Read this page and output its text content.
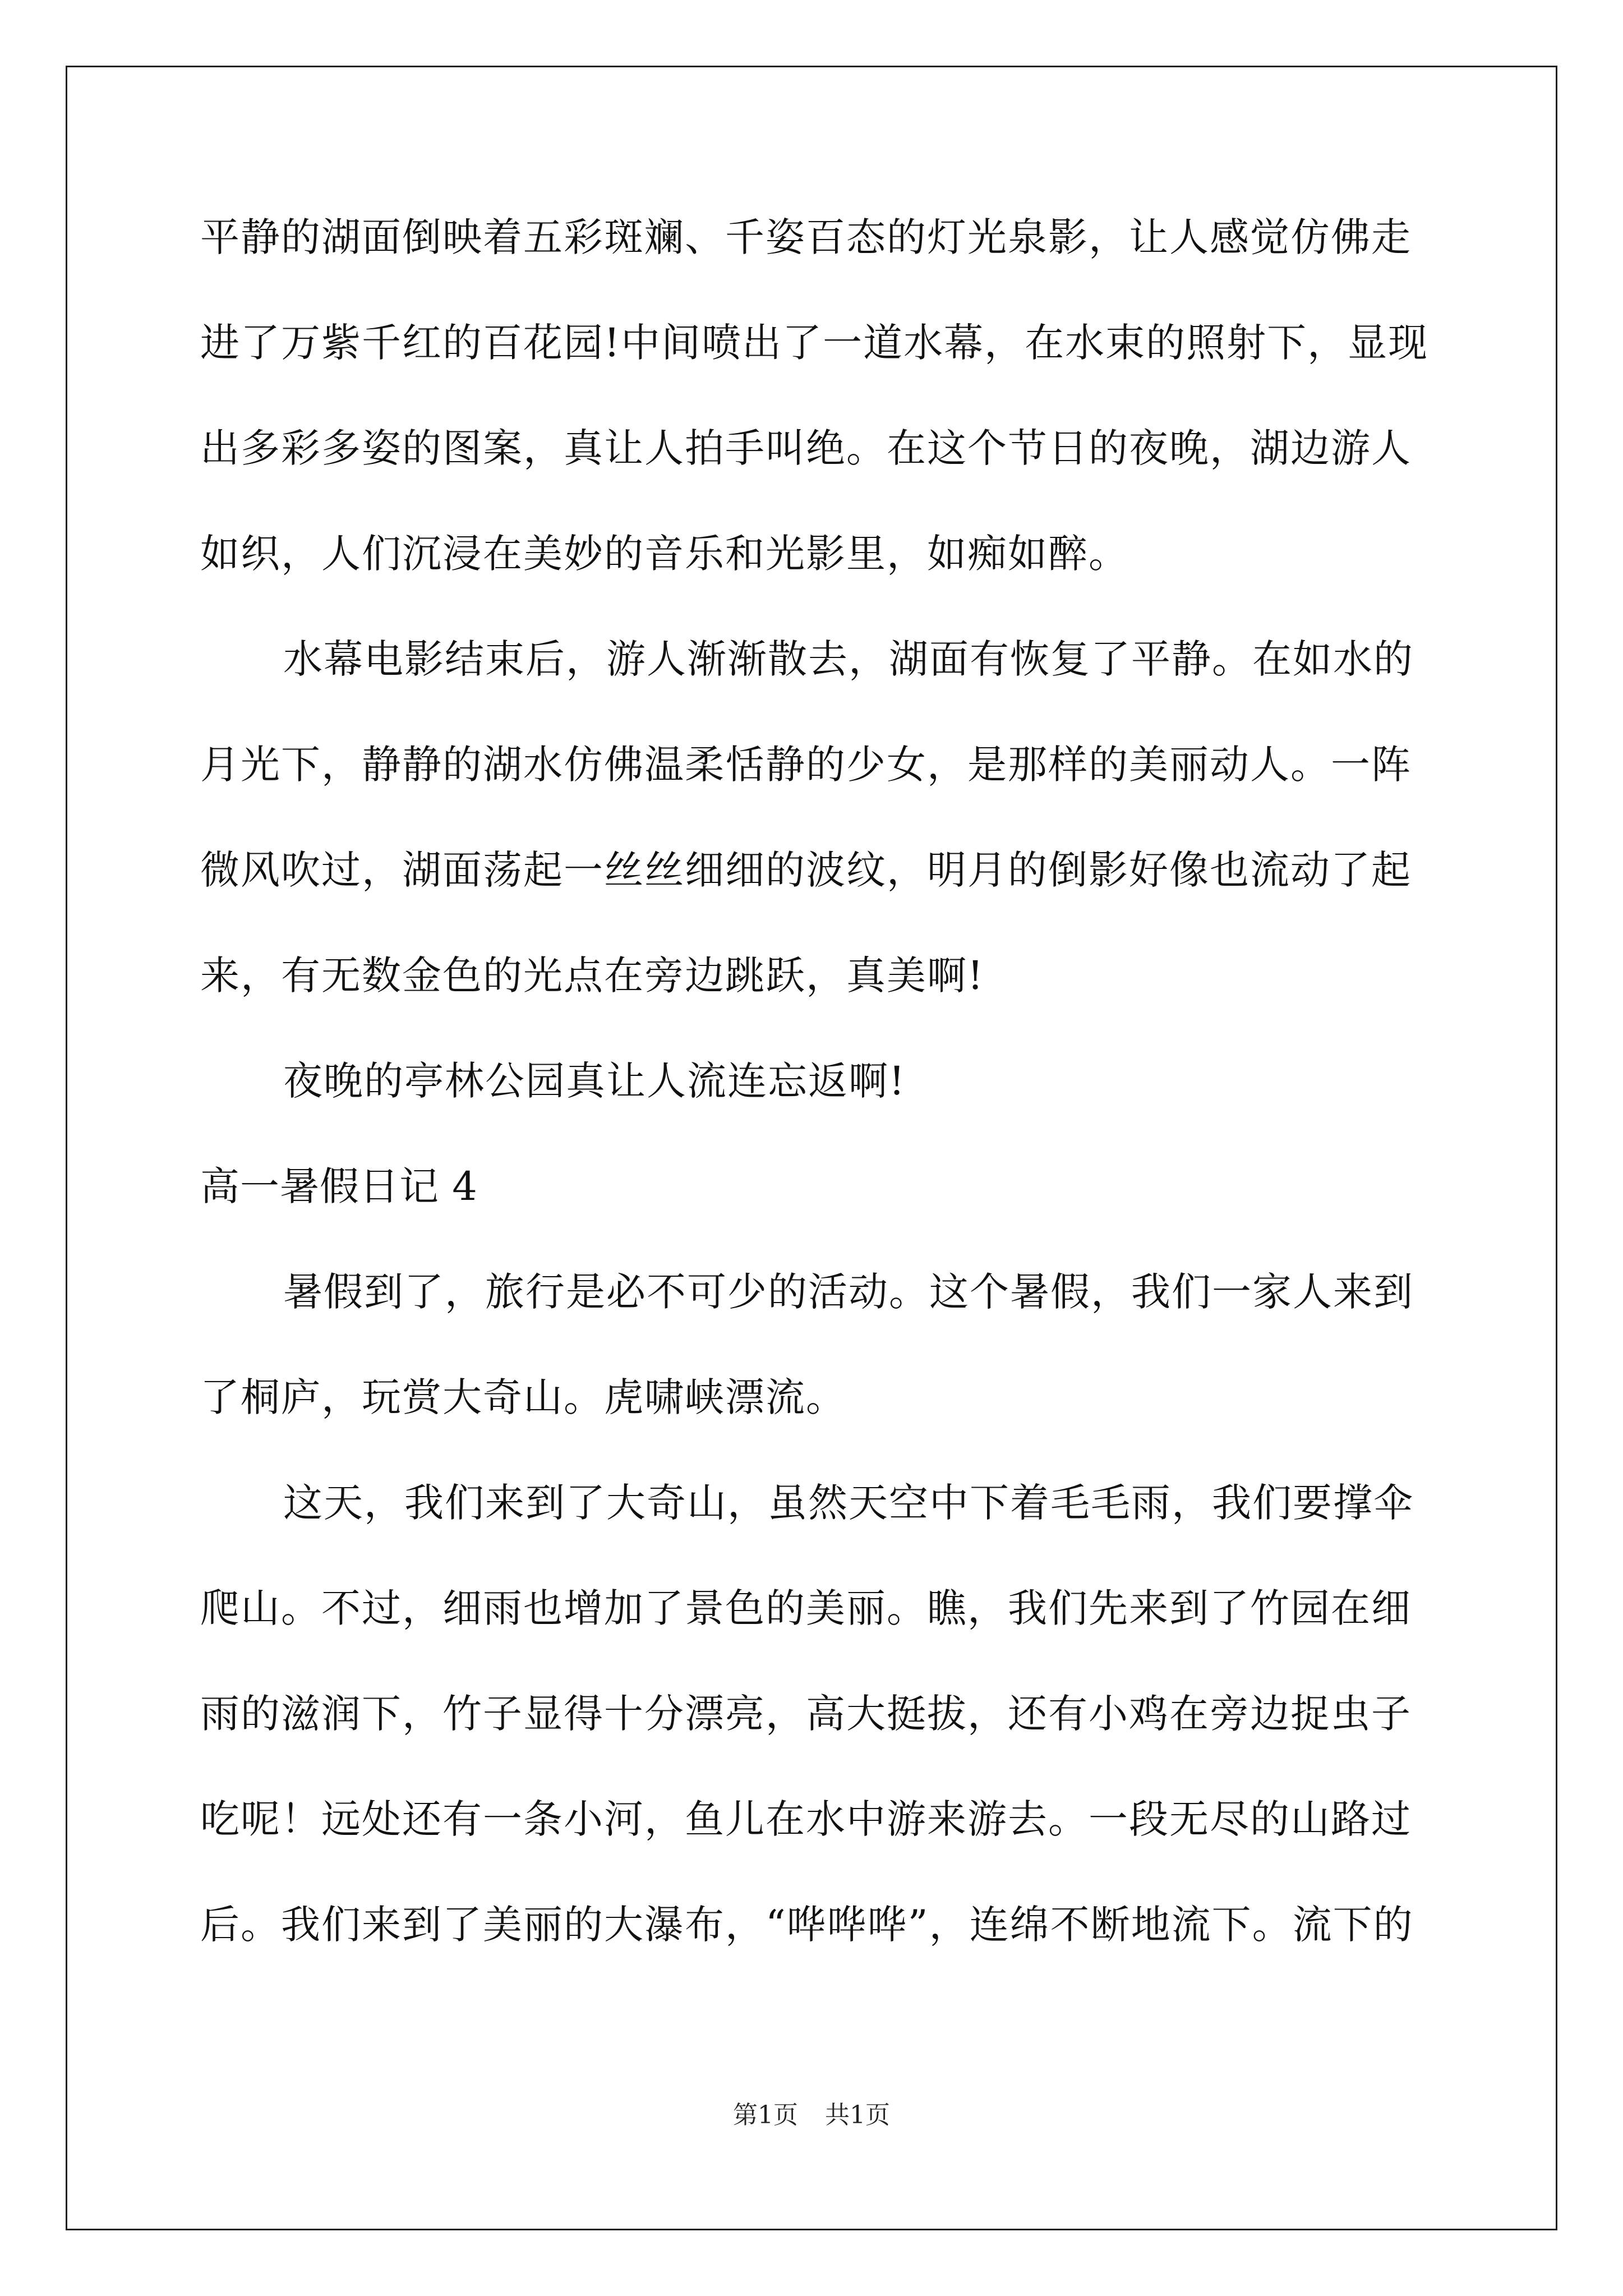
平静的湖面倒映着五彩斑斓、千姿百态的灯光泉影，让人感觉仿佛走
进了万紫千红的百花园!中间喷出了一道水幕，在水束的照射下，显现
出多彩多姿的图案，真让人拍手叫绝。在这个节日的夜晚，湖边游人
如织，人们沉浸在美妙的音乐和光影里，如痴如醉。
水幕电影结束后，游人渐渐散去，湖面有恢复了平静。在如水的
月光下，静静的湖水仿佛温柔恬静的少女，是那样的美丽动人。一阵
微风吹过，湖面荡起一丝丝细细的波纹，明月的倒影好像也流动了起
来，有无数金色的光点在旁边跳跃，真美啊!
夜晚的亭林公园真让人流连忘返啊!
高一暑假日记 4
暑假到了，旅行是必不可少的活动。这个暑假，我们一家人来到
了桐庐，玩赏大奇山。虎啸峡漂流。
这天，我们来到了大奇山，虽然天空中下着毛毛雨，我们要撑伞
爬山。不过，细雨也增加了景色的美丽。瞧，我们先来到了竹园在细
雨的滋润下，竹子显得十分漂亮，高大挺拔，还有小鸡在旁边捉虫子
吃呢！远处还有一条小河，鱼儿在水中游来游去。一段无尽的山路过
后。我们来到了美丽的大瀑布，“哗哗哗”，连绵不断地流下。流下的
第1页 共1页
